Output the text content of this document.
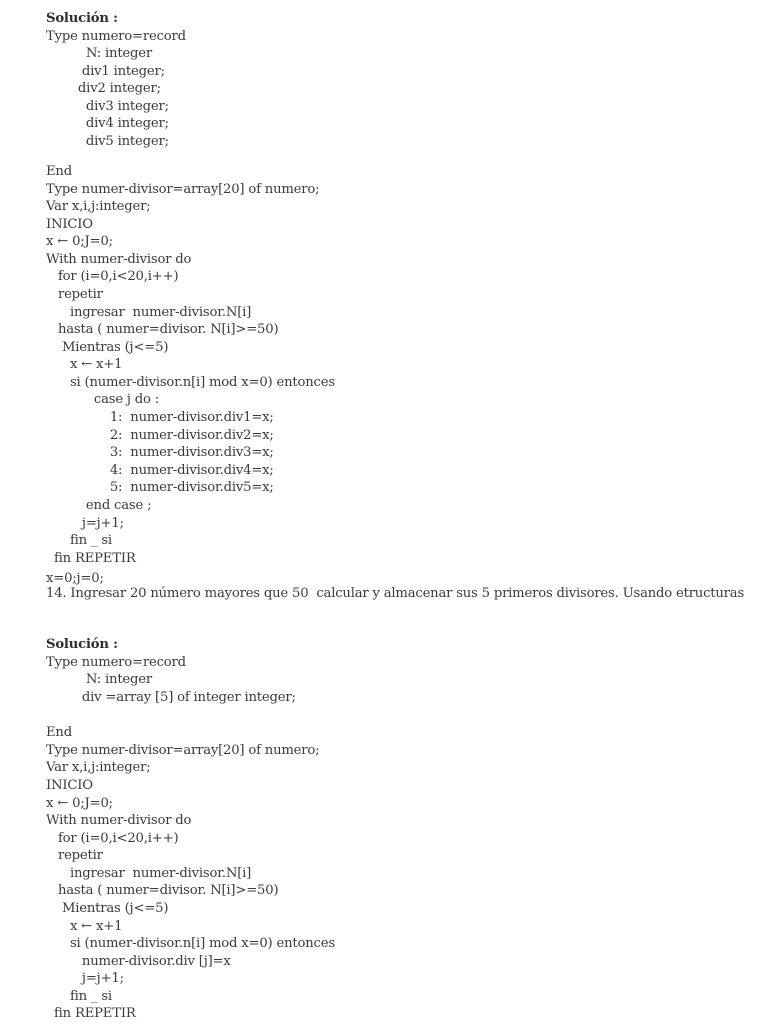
Solución :
Type numero=record
N: integer
div1 integer;
div2 integer;
div3 integer;
div4 integer;
div5 integer;
End
Type numer-divisor=array[20] of numero;
Var x,i,j:integer;
INICIO
x ← 0;J=0;
With numer-divisor do
for (i=0,i<20,i++)
repetir
ingresar  numer-divisor.N[i]
hasta ( numer=divisor. N[i]>=50)
Mientras (j<=5)
x ← x+1
si (numer-divisor.n[i] mod x=0) entonces
case j do :
1:  numer-divisor.div1=x;
2:  numer-divisor.div2=x;
3:  numer-divisor.div3=x;
4:  numer-divisor.div4=x;
5:  numer-divisor.div5=x;
end case ;
j=j+1;
fin _ si
fin REPETIR
x=0;j=0;
14. Ingresar 20 número mayores que 50  calcular y almacenar sus 5 primeros divisores. Usando etructuras
Solución :
Type numero=record
N: integer
div =array [5] of integer integer;
End
Type numer-divisor=array[20] of numero;
Var x,i,j:integer;
INICIO
x ← 0;J=0;
With numer-divisor do
for (i=0,i<20,i++)
repetir
ingresar  numer-divisor.N[i]
hasta ( numer=divisor. N[i]>=50)
Mientras (j<=5)
x ← x+1
si (numer-divisor.n[i] mod x=0) entonces
numer-divisor.div [j]=x
j=j+1;
fin _ si
fin REPETIR
